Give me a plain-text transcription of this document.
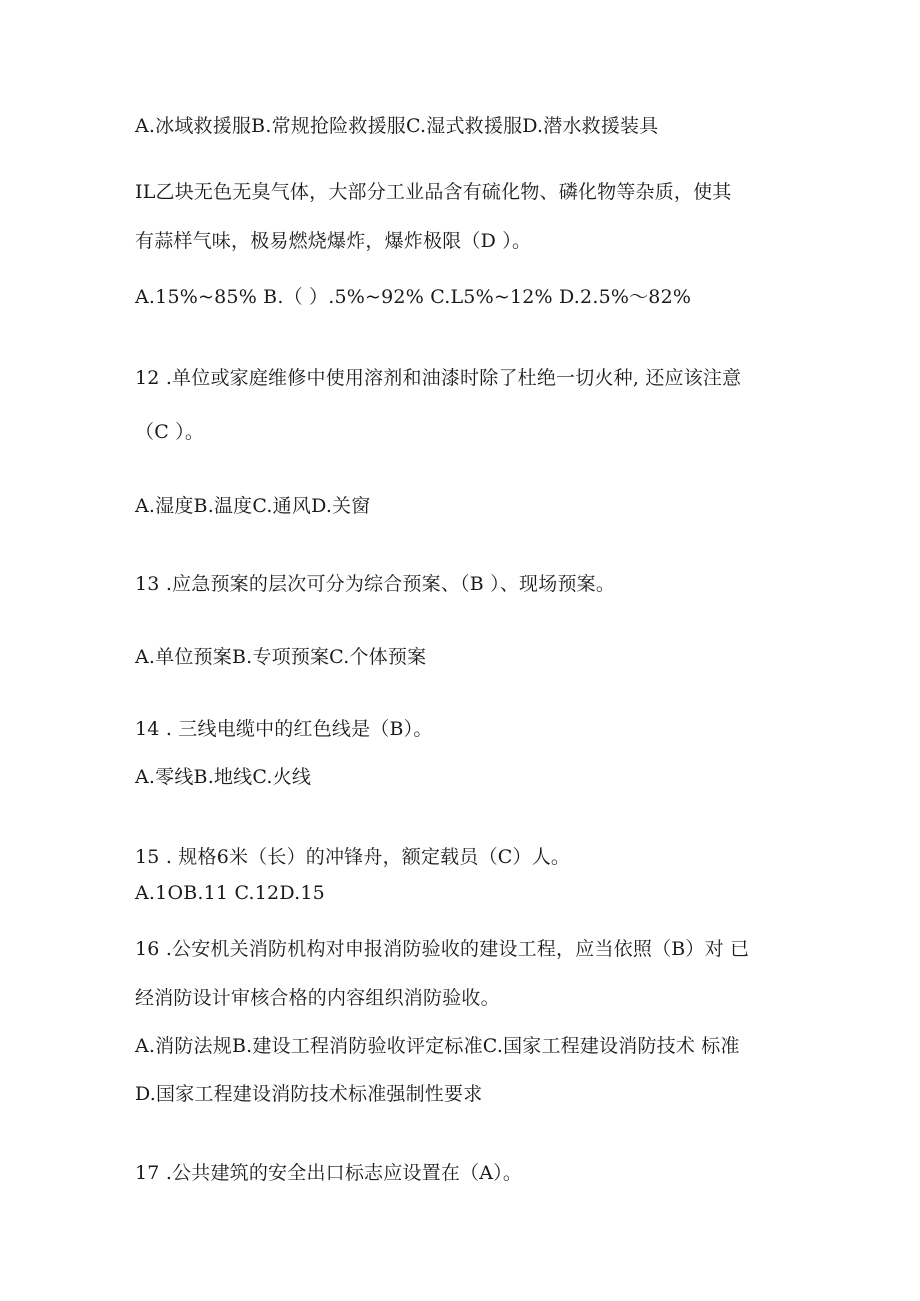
A.冰域救援服B.常规抢险救援服C.湿式救援服D.潜水救援装具
IL乙块无色无臭气体，大部分工业品含有硫化物、磷化物等杂质，使其
有蒜样气味，极易燃烧爆炸，爆炸极限（D ）。
A.15%~85% B.（ ）.5%~92% C.L5%~12% D.2.5%～82%
12 .单位或家庭维修中使用溶剂和油漆时除了杜绝一切火种, 还应该注意
（C ）。
A.湿度B.温度C.通风D.关窗
13 .应急预案的层次可分为综合预案、（B ）、现场预案。
A.单位预案B.专项预案C.个体预案
14 . 三线电缆中的红色线是（B）。
A.零线B.地线C.火线
15 . 规格6米（长）的冲锋舟，额定载员（C）人。
A.1OB.11 C.12D.15
16 .公安机关消防机构对申报消防验收的建设工程，应当依照（B）对 已
经消防设计审核合格的内容组织消防验收。
A.消防法规B.建设工程消防验收评定标准C.国家工程建设消防技术 标准
D.国家工程建设消防技术标准强制性要求
17 .公共建筑的安全出口标志应设置在（A）。
